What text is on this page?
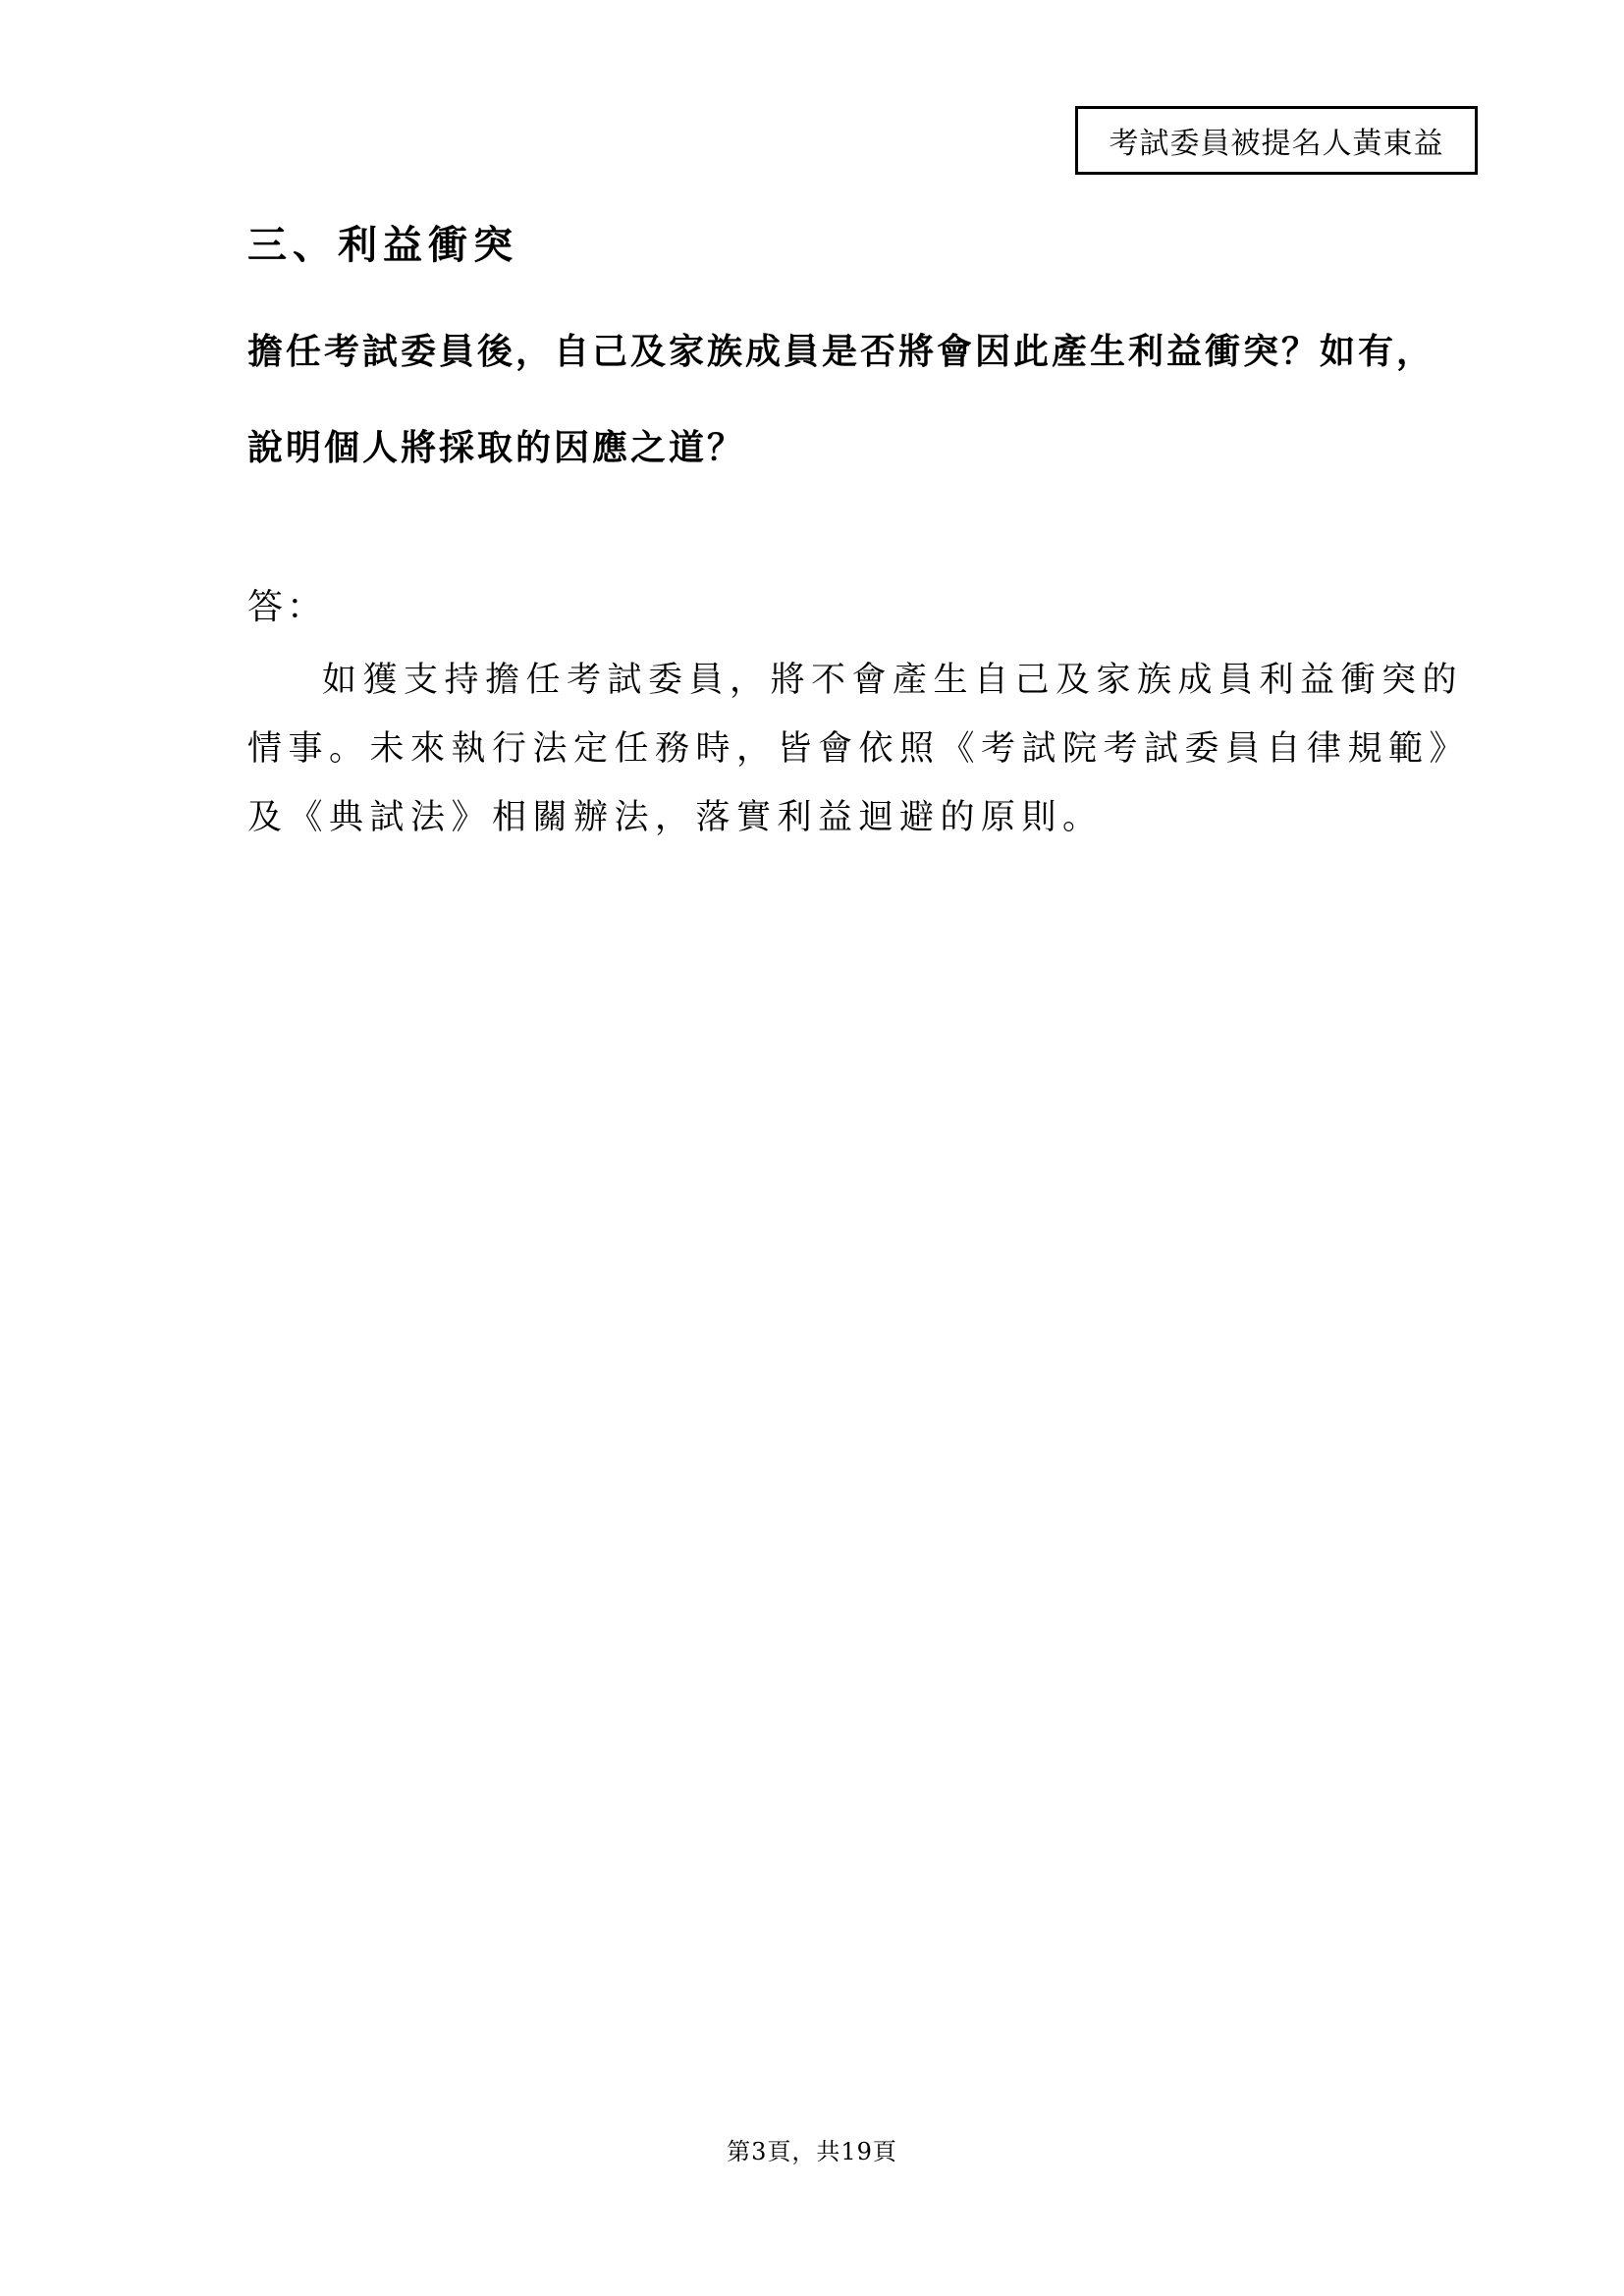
考試委員被提名人黃東益
三、利益衝突
擔任考試委員後，自己及家族成員是否將會因此產生利益衝突？如有，
說明個人將採取的因應之道？
答：
如獲支持擔任考試委員，將不會產生自己及家族成員利益衝突的
情事。未來執行法定任務時，皆會依照《考試院考試委員自律規範》
及《典試法》相關辦法，落實利益迴避的原則。
第3頁，共19頁
